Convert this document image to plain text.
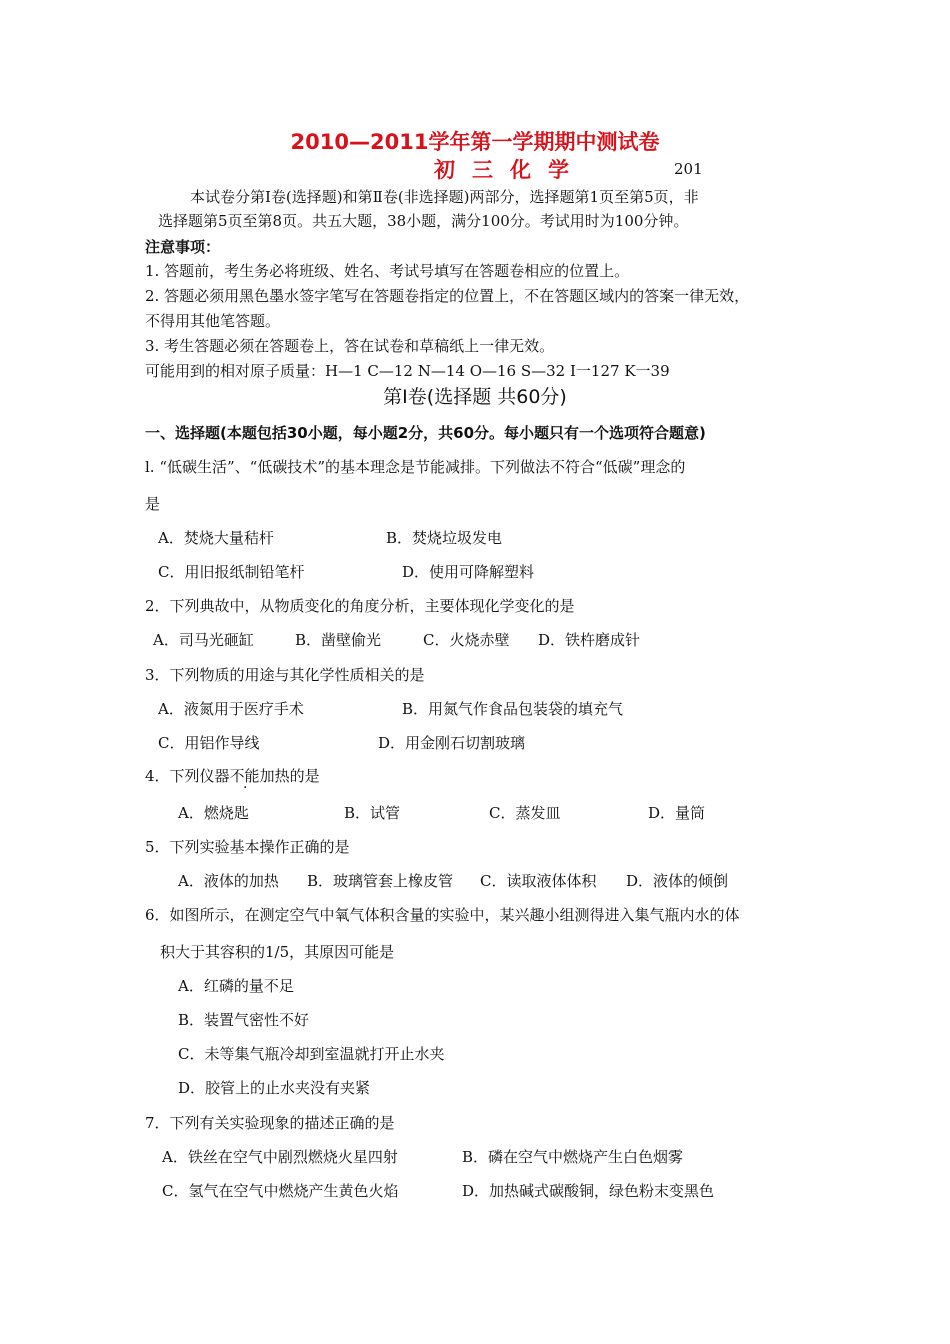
2010—2011学年第一学期期中测试卷
初三化学	201
本试卷分第Ⅰ卷(选择题)和第Ⅱ卷(非选择题)两部分，选择题第1页至第5页，非
选择题第5页至第8页。共五大题，38小题，满分100分。考试用时为100分钟。
注意事项：
1. 答题前，考生务必将班级、姓名、考试号填写在答题卷相应的位置上。
2. 答题必须用黑色墨水签字笔写在答题卷指定的位置上，不在答题区域内的答案一律无效，
不得用其他笔答题。
3. 考生答题必须在答题卷上，答在试卷和草稿纸上一律无效。
可能用到的相对原子质量：H—1 C—12 N—14 O—16 S—32 I一127 K一39
第Ⅰ卷(选择题 共60分)
一、选择题(本题包括30小题，每小题2分，共60分。每小题只有一个选项符合题意)
l. “低碳生活”、“低碳技术”的基本理念是节能减排。下列做法不符合“低碳”理念的
是
A．焚烧大量秸杆	B．焚烧垃圾发电
C．用旧报纸制铅笔杆	D．使用可降解塑料
2．下列典故中，从物质变化的角度分析，主要体现化学变化的是
A．司马光砸缸	B．凿壁偷光	C．火烧赤壁 D．铁杵磨成针
3．下列物质的用途与其化学性质相关的是
A．液氮用于医疗手术	B．用氮气作食品包装袋的填充气
C．用铝作导线	D．用金刚石切割玻璃
4．下列仪器不能加热的是
A．燃烧匙	B．试管	C．蒸发皿	D．量筒
5．下列实验基本操作正确的是
A．液体的加热 B．玻璃管套上橡皮管 C．读取液体体积 D．液体的倾倒
6．如图所示，在测定空气中氧气体积含量的实验中，某兴趣小组测得进入集气瓶内水的体
积大于其容积的1/5，其原因可能是
A．红磷的量不足
B．装置气密性不好
C．未等集气瓶冷却到室温就打开止水夹
D．胶管上的止水夹没有夹紧
7．下列有关实验现象的描述正确的是
A．铁丝在空气中剧烈燃烧火星四射	B．磷在空气中燃烧产生白色烟雾
C．氢气在空气中燃烧产生黄色火焰	D．加热碱式碳酸铜，绿色粉末变黑色
